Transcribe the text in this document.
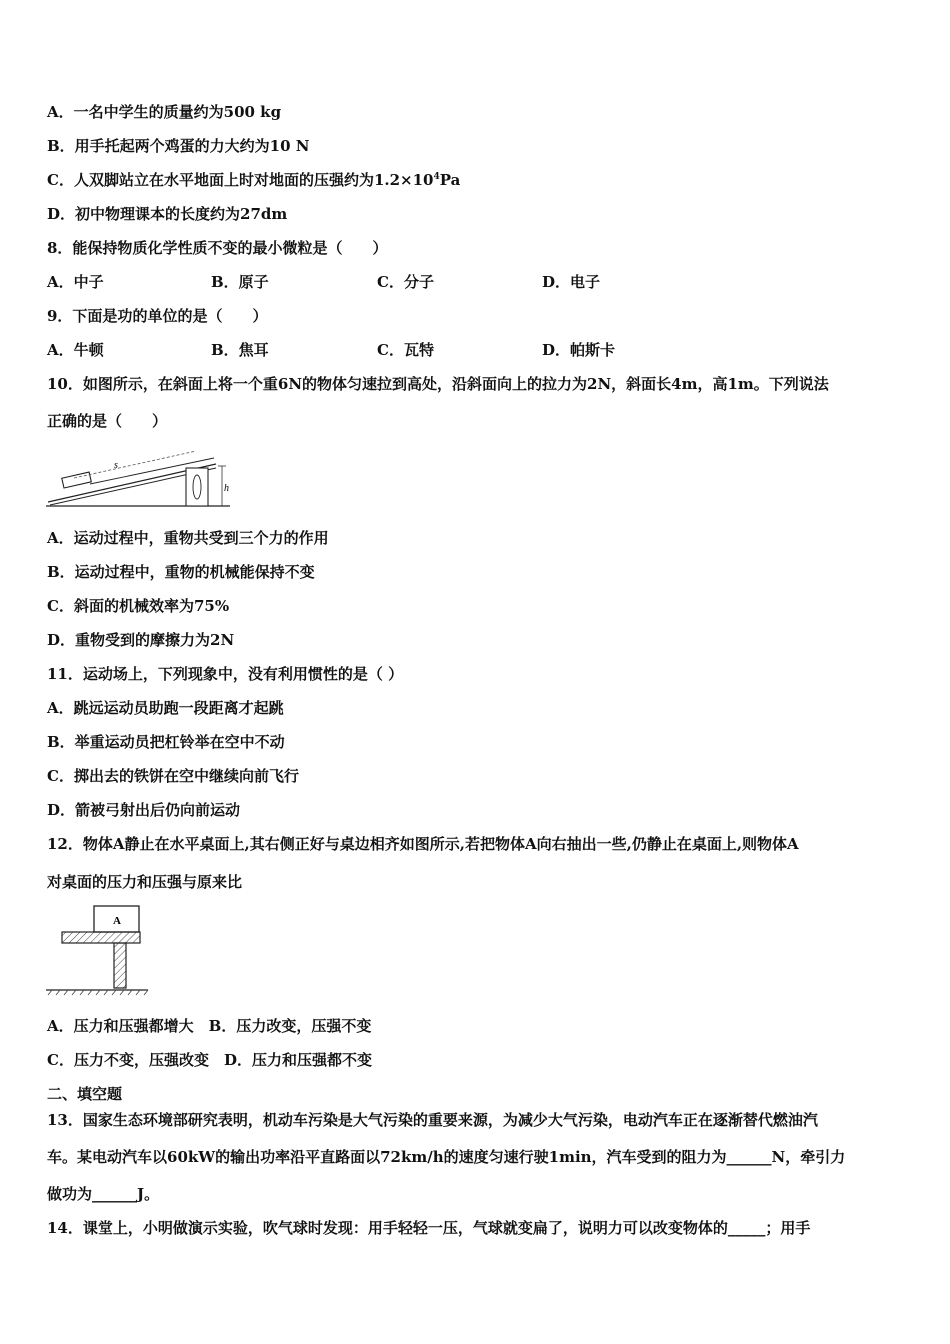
A．一名中学生的质量约为500 kg
B．用手托起两个鸡蛋的力大约为10 N
C．人双脚站立在水平地面上时对地面的压强约为$1.2\times 10^4Pa$
D．初中物理课本的长度约为27dm
8．能保持物质化学性质不变的最小微粒是（　　）
A．中子	B．原子	C．分子	D．电子
9．下面是功的单位的是（　　）
A．牛顿	B．焦耳	C．瓦特	D．帕斯卡
10．如图所示，在斜面上将一个重6N的物体匀速拉到高处，沿斜面向上的拉力为2N，斜面长4m，高1m。下列说法
正确的是（　　）
s
h
A．运动过程中，重物共受到三个力的作用
B．运动过程中，重物的机械能保持不变
C．斜面的机械效率为75%
D．重物受到的摩擦力为2N
11．运动场上，下列现象中，没有利用惯性的是（ ）
A．跳远运动员助跑一段距离才起跳
B．举重运动员把杠铃举在空中不动
C．掷出去的铁饼在空中继续向前飞行
D．箭被弓射出后仍向前运动
12．物体A静止在水平桌面上,其右侧正好与桌边相齐如图所示,若把物体A向右抽出一些,仍静止在桌面上,则物体A
对桌面的压力和压强与原来比
A
A．压力和压强都增大　B．压力改变，压强不变
C．压力不变，压强改变　D．压力和压强都不变
二、填空题
13．国家生态环境部研究表明，机动车污染是大气污染的重要来源，为减少大气污染，电动汽车正在逐渐替代燃油汽
车。某电动汽车以60kW的输出功率沿平直路面以72km/h的速度匀速行驶1min，汽车受到的阻力为______N，牵引力
做功为______J。
14．课堂上，小明做演示实验，吹气球时发现：用手轻轻一压，气球就变扁了，说明力可以改变物体的_____；用手
